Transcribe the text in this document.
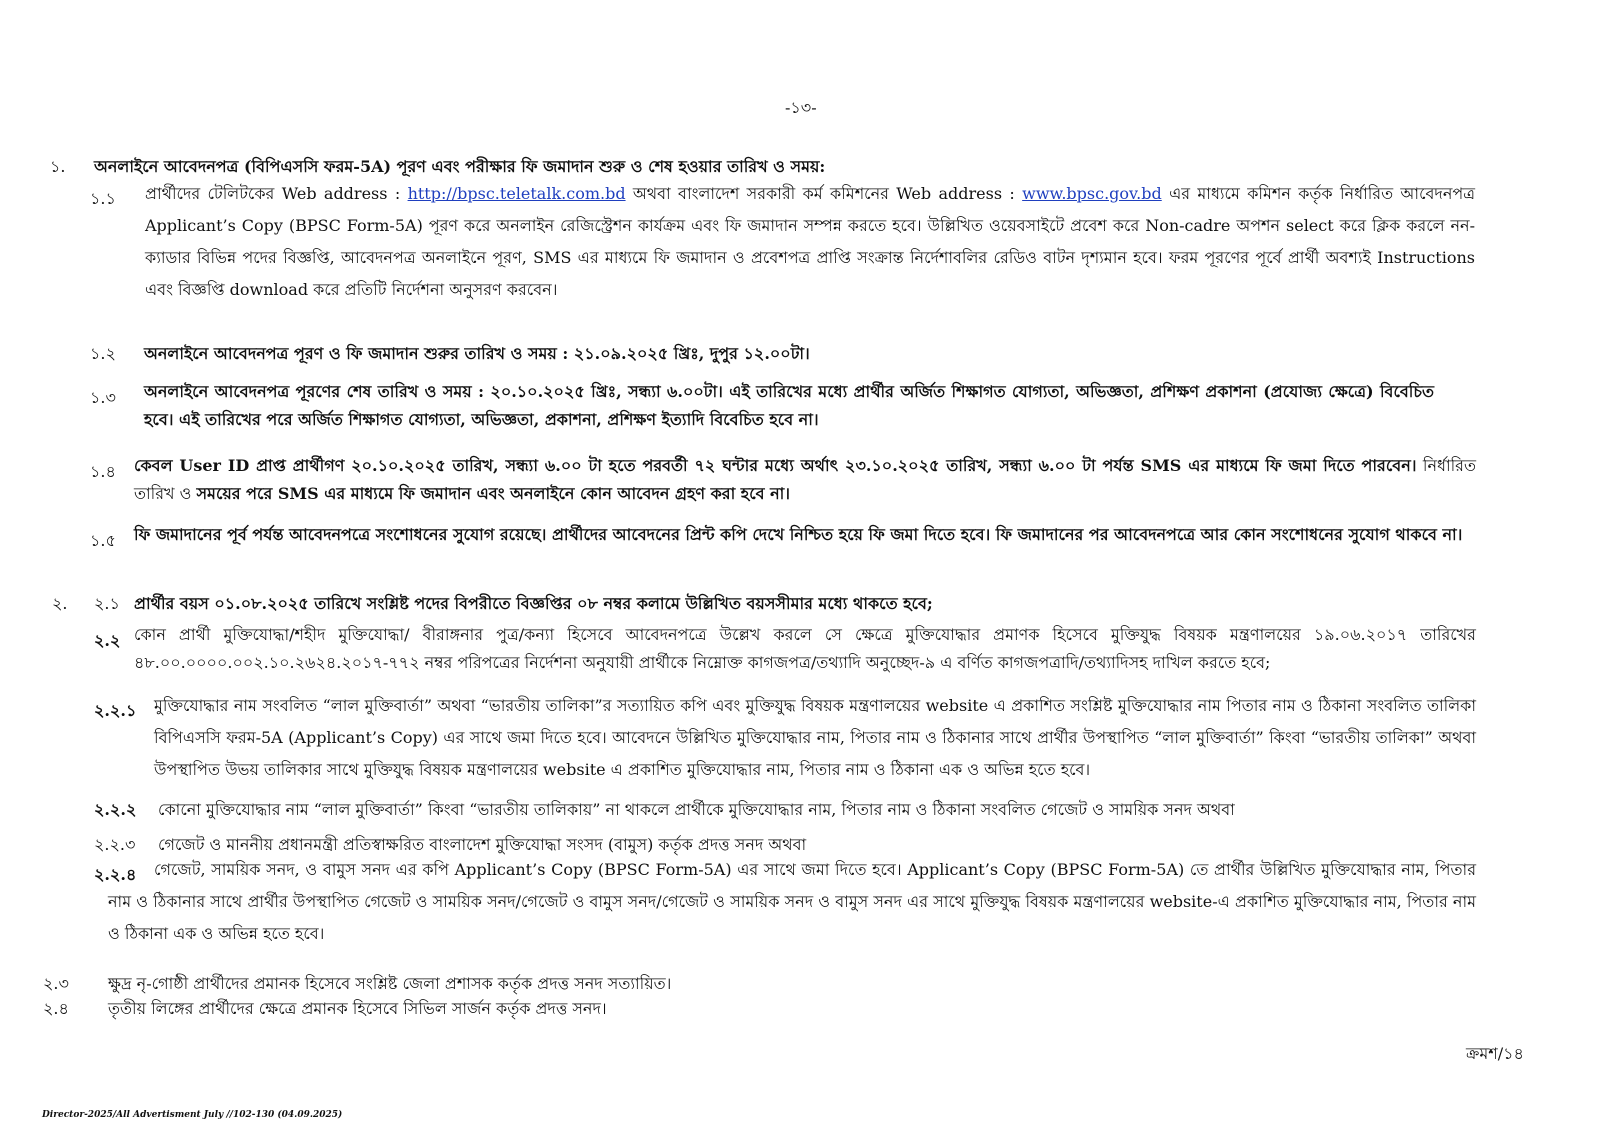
-১৩-
১. অনলাইনে আবেদনপত্র (বিপিএসসি ফরম-5A) পূরণ এবং পরীক্ষার ফি জমাদান শুরু ও শেষ হওয়ার তারিখ ও সময়:
১.১ প্রার্থীদের টেলিটকের Web address : http://bpsc.teletalk.com.bd অথবা বাংলাদেশ সরকারী কর্ম কমিশনের Web address : www.bpsc.gov.bd এর মাধ্যমে কমিশন কর্তৃক নির্ধারিত আবেদনপত্র Applicant’s Copy (BPSC Form-5A) পূরণ করে অনলাইন রেজিস্ট্রেশন কার্যক্রম এবং ফি জমাদান সম্পন্ন করতে হবে। উল্লিখিত ওয়েবসাইটে প্রবেশ করে Non-cadre অপশন select করে ক্লিক করলে নন-ক্যাডার বিভিন্ন পদের বিজ্ঞপ্তি, আবেদনপত্র অনলাইনে পূরণ, SMS এর মাধ্যমে ফি জমাদান ও প্রবেশপত্র প্রাপ্তি সংক্রান্ত নির্দেশাবলির রেডিও বাটন দৃশ্যমান হবে। ফরম পূরণের পূর্বে প্রার্থী অবশ্যই Instructions এবং বিজ্ঞপ্তি download করে প্রতিটি নির্দেশনা অনুসরণ করবেন।
১.২ অনলাইনে আবেদনপত্র পূরণ ও ফি জমাদান শুরুর তারিখ ও সময় : ২১.০৯.২০২৫ খ্রিঃ, দুপুর ১২.০০টা।
১.৩ অনলাইনে আবেদনপত্র পূরণের শেষ তারিখ ও সময় : ২০.১০.২০২৫ খ্রিঃ, সন্ধ্যা ৬.০০টা। এই তারিখের মধ্যে প্রার্থীর অর্জিত শিক্ষাগত যোগ্যতা, অভিজ্ঞতা, প্রশিক্ষণ প্রকাশনা (প্রযোজ্য ক্ষেত্রে) বিবেচিত হবে। এই তারিখের পরে অর্জিত শিক্ষাগত যোগ্যতা, অভিজ্ঞতা, প্রকাশনা, প্রশিক্ষণ ইত্যাদি বিবেচিত হবে না।
১.৪ কেবল User ID প্রাপ্ত প্রার্থীগণ ২০.১০.২০২৫ তারিখ, সন্ধ্যা ৬.০০ টা হতে পরবর্তী ৭২ ঘন্টার মধ্যে অর্থাৎ ২৩.১০.২০২৫ তারিখ, সন্ধ্যা ৬.০০ টা পর্যন্ত SMS এর মাধ্যমে ফি জমা দিতে পারবেন। নির্ধারিত তারিখ ও সময়ের পরে SMS এর মাধ্যমে ফি জমাদান এবং অনলাইনে কোন আবেদন গ্রহণ করা হবে না।
১.৫ ফি জমাদানের পূর্ব পর্যন্ত আবেদনপত্রে সংশোধনের সুযোগ রয়েছে। প্রার্থীদের আবেদনের প্রিন্ট কপি দেখে নিশ্চিত হয়ে ফি জমা দিতে হবে। ফি জমাদানের পর আবেদনপত্রে আর কোন সংশোধনের সুযোগ থাকবে না।
২. ২.১ প্রার্থীর বয়স ০১.০৮.২০২৫ তারিখে সংশ্লিষ্ট পদের বিপরীতে বিজ্ঞপ্তির ০৮ নম্বর কলামে উল্লিখিত বয়সসীমার মধ্যে থাকতে হবে;
২.২ কোন প্রার্থী মুক্তিযোদ্ধা/শহীদ মুক্তিযোদ্ধা/ বীরাঙ্গনার পুত্র/কন্যা হিসেবে আবেদনপত্রে উল্লেখ করলে সে ক্ষেত্রে মুক্তিযোদ্ধার প্রমাণক হিসেবে মুক্তিযুদ্ধ বিষয়ক মন্ত্রণালয়ের ১৯.০৬.২০১৭ তারিখের ৪৮.০০.০০০০.০০২.১০.২৬২৪.২০১৭-৭৭২ নম্বর পরিপত্রের নির্দেশনা অনুযায়ী প্রার্থীকে নিম্নোক্ত কাগজপত্র/তথ্যাদি অনুচ্ছেদ-৯ এ বর্ণিত কাগজপত্রাদি/তথ্যাদিসহ দাখিল করতে হবে;
২.২.১ মুক্তিযোদ্ধার নাম সংবলিত “লাল মুক্তিবার্তা” অথবা “ভারতীয় তালিকা”র সত্যায়িত কপি এবং মুক্তিযুদ্ধ বিষয়ক মন্ত্রণালয়ের website এ প্রকাশিত সংশ্লিষ্ট মুক্তিযোদ্ধার নাম পিতার নাম ও ঠিকানা সংবলিত তালিকা বিপিএসসি ফরম-5A (Applicant’s Copy) এর সাথে জমা দিতে হবে। আবেদনে উল্লিখিত মুক্তিযোদ্ধার নাম, পিতার নাম ও ঠিকানার সাথে প্রার্থীর উপস্থাপিত “লাল মুক্তিবার্তা” কিংবা “ভারতীয় তালিকা” অথবা উপস্থাপিত উভয় তালিকার সাথে মুক্তিযুদ্ধ বিষয়ক মন্ত্রণালয়ের website এ প্রকাশিত মুক্তিযোদ্ধার নাম, পিতার নাম ও ঠিকানা এক ও অভিন্ন হতে হবে।
২.২.২ কোনো মুক্তিযোদ্ধার নাম “লাল মুক্তিবার্তা” কিংবা “ভারতীয় তালিকায়” না থাকলে প্রার্থীকে মুক্তিযোদ্ধার নাম, পিতার নাম ও ঠিকানা সংবলিত গেজেট ও সাময়িক সনদ অথবা
২.২.৩ গেজেট ও মাননীয় প্রধানমন্ত্রী প্রতিস্বাক্ষরিত বাংলাদেশ মুক্তিযোদ্ধা সংসদ (বামুস) কর্তৃক প্রদত্ত সনদ অথবা
২.২.৪	গেজেট, সাময়িক সনদ, ও বামুস সনদ এর কপি Applicant’s Copy (BPSC Form-5A) এর সাথে জমা দিতে হবে। Applicant’s Copy (BPSC Form-5A) তে প্রার্থীর উল্লিখিত মুক্তিযোদ্ধার নাম, পিতার নাম ও ঠিকানার সাথে প্রার্থীর উপস্থাপিত গেজেট ও সাময়িক সনদ/গেজেট ও বামুস সনদ/গেজেট ও সাময়িক সনদ ও বামুস সনদ এর সাথে মুক্তিযুদ্ধ বিষয়ক মন্ত্রণালয়ের website-এ প্রকাশিত মুক্তিযোদ্ধার নাম, পিতার নাম ও ঠিকানা এক ও অভিন্ন হতে হবে।
২.৩ ক্ষুদ্র নৃ-গোষ্ঠী প্রার্থীদের প্রমানক হিসেবে সংশ্লিষ্ট জেলা প্রশাসক কর্তৃক প্রদত্ত সনদ সত্যায়িত।
২.৪ তৃতীয় লিঙ্গের প্রার্থীদের ক্ষেত্রে প্রমানক হিসেবে সিভিল সার্জন কর্তৃক প্রদত্ত সনদ।
ক্রমশ/১৪
Director-2025/All Advertisment July //102-130 (04.09.2025)
